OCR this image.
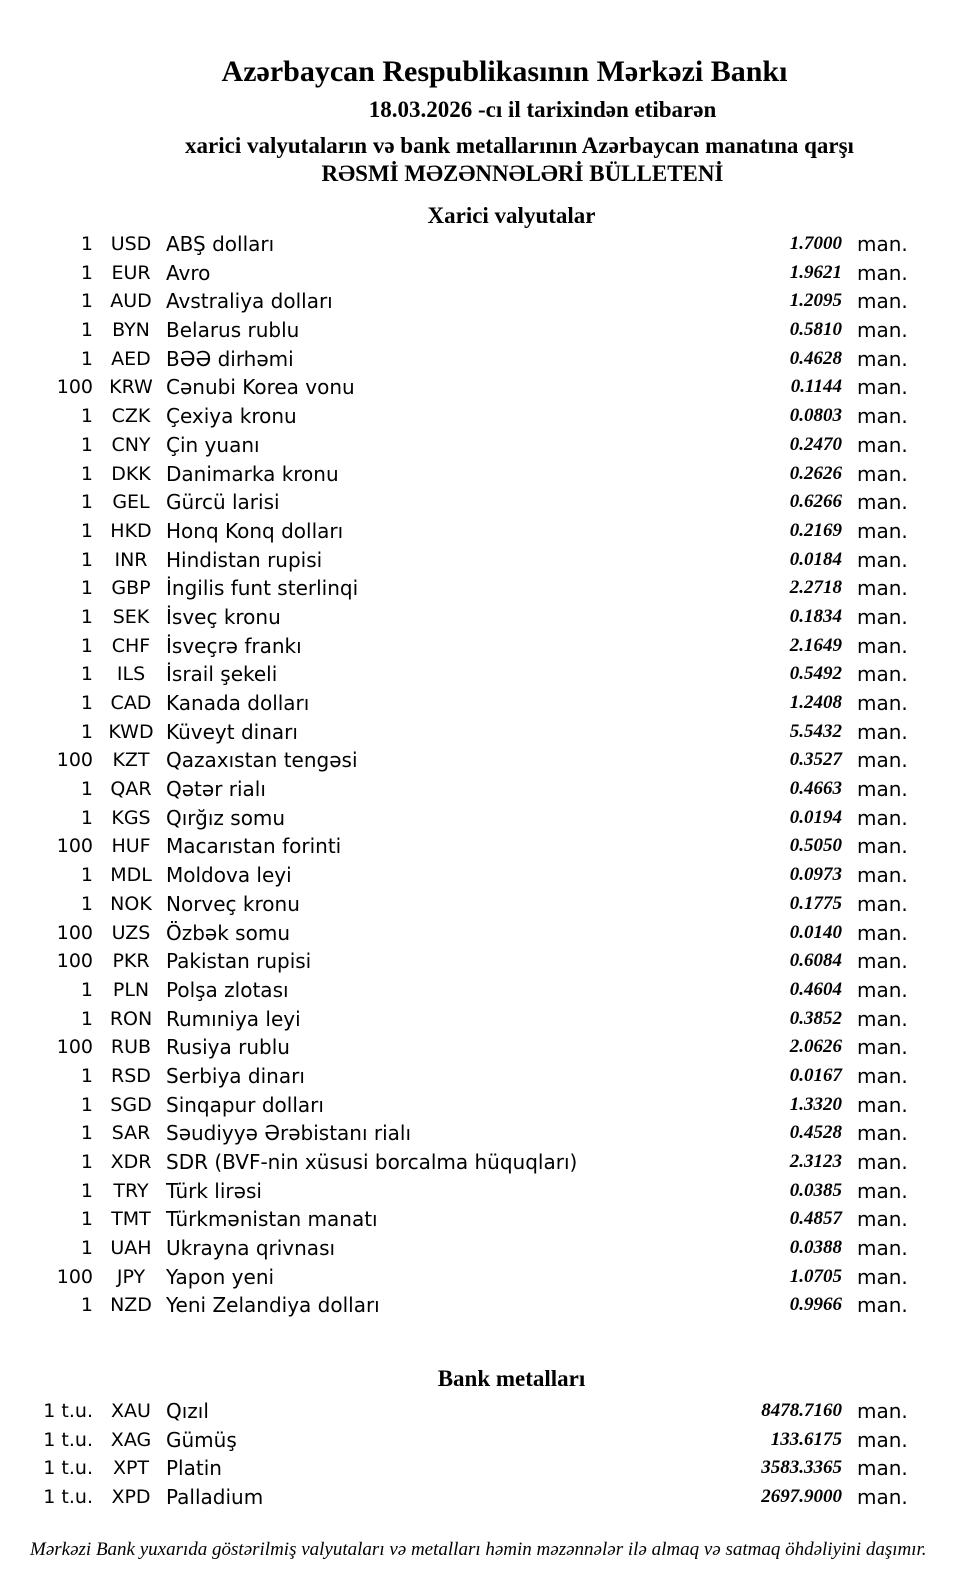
Azərbaycan Respublikasının Mərkəzi Bankı
18.03.2026 -cı il tarixindən etibarən
xarici valyutaların və bank metallarının Azərbaycan manatına qarşı
RƏSMİ MƏZƏNNƏLƏRİ BÜLLETENİ
Xarici valyutalar
1 USD ABŞ dolları	1.7000 man.
1 EUR Avro	1.9621 man.
1 AUD Avstraliya dolları	1.2095 man.
1	BYN Belarus rublu	0.5810 man.
1 AED BƏƏ dirhəmi	0.4628 man.
100 KRW Cənubi Korea vonu	0.1144 man.
1 CZK Çexiya kronu	0.0803 man.
1 CNY Çin yuanı	0.2470 man.
1 DKK Danimarka kronu	0.2626 man.
1	GEL Gürcü larisi	0.6266 man.
1 HKD Honq Konq dolları	0.2169 man.
1	INR Hindistan rupisi	0.0184 man.
1 GBP İngilis funt sterlinqi	2.2718 man.
1	SEK İsveç kronu	0.1834 man.
1 CHF İsveçrə frankı	2.1649 man.
1	ILS	İsrail şekeli	0.5492 man.
1 CAD Kanada dolları	1.2408 man.
1 KWD Küveyt dinarı	5.5432 man.
100	KZT Qazaxıstan tengəsi	0.3527 man.
1 QAR Qətər rialı	0.4663 man.
1 KGS Qırğız somu	0.0194 man.
100 HUF Macarıstan forinti	0.5050 man.
1 MDL Moldova leyi	0.0973 man.
1 NOK Norveç kronu	0.1775 man.
100 UZS Özbək somu	0.0140 man.
100	PKR Pakistan rupisi	0.6084 man.
1	PLN Polşa zlotası	0.4604 man.
1 RON Rumıniya leyi	0.3852 man.
100 RUB Rusiya rublu	2.0626 man.
1 RSD Serbiya dinarı	0.0167 man.
1 SGD Sinqapur dolları	1.3320 man.
1 SAR Səudiyyə Ərəbistanı rialı	0.4528 man.
1 XDR SDR (BVF-nin xüsusi borcalma hüquqları)	2.3123 man.
1	TRY Türk lirəsi	0.0385 man.
1 TMT Türkmənistan manatı	0.4857 man.
1 UAH Ukrayna qrivnası	0.0388 man.
100	JPY	Yapon yeni	1.0705 man.
1 NZD Yeni Zelandiya dolları	0.9966 man.
Bank metalları
1 t.u. XAU Qızıl	8478.7160 man.
1 t.u. XAG Gümüş	133.6175 man.
1 t.u.	XPT Platin	3583.3365 man.
1 t.u. XPD Palladium	2697.9000 man.
Mərkəzi Bank yuxarıda göstərilmiş valyutaları və metalları həmin məzənnələr ilə almaq və satmaq öhdəliyini daşımır.
